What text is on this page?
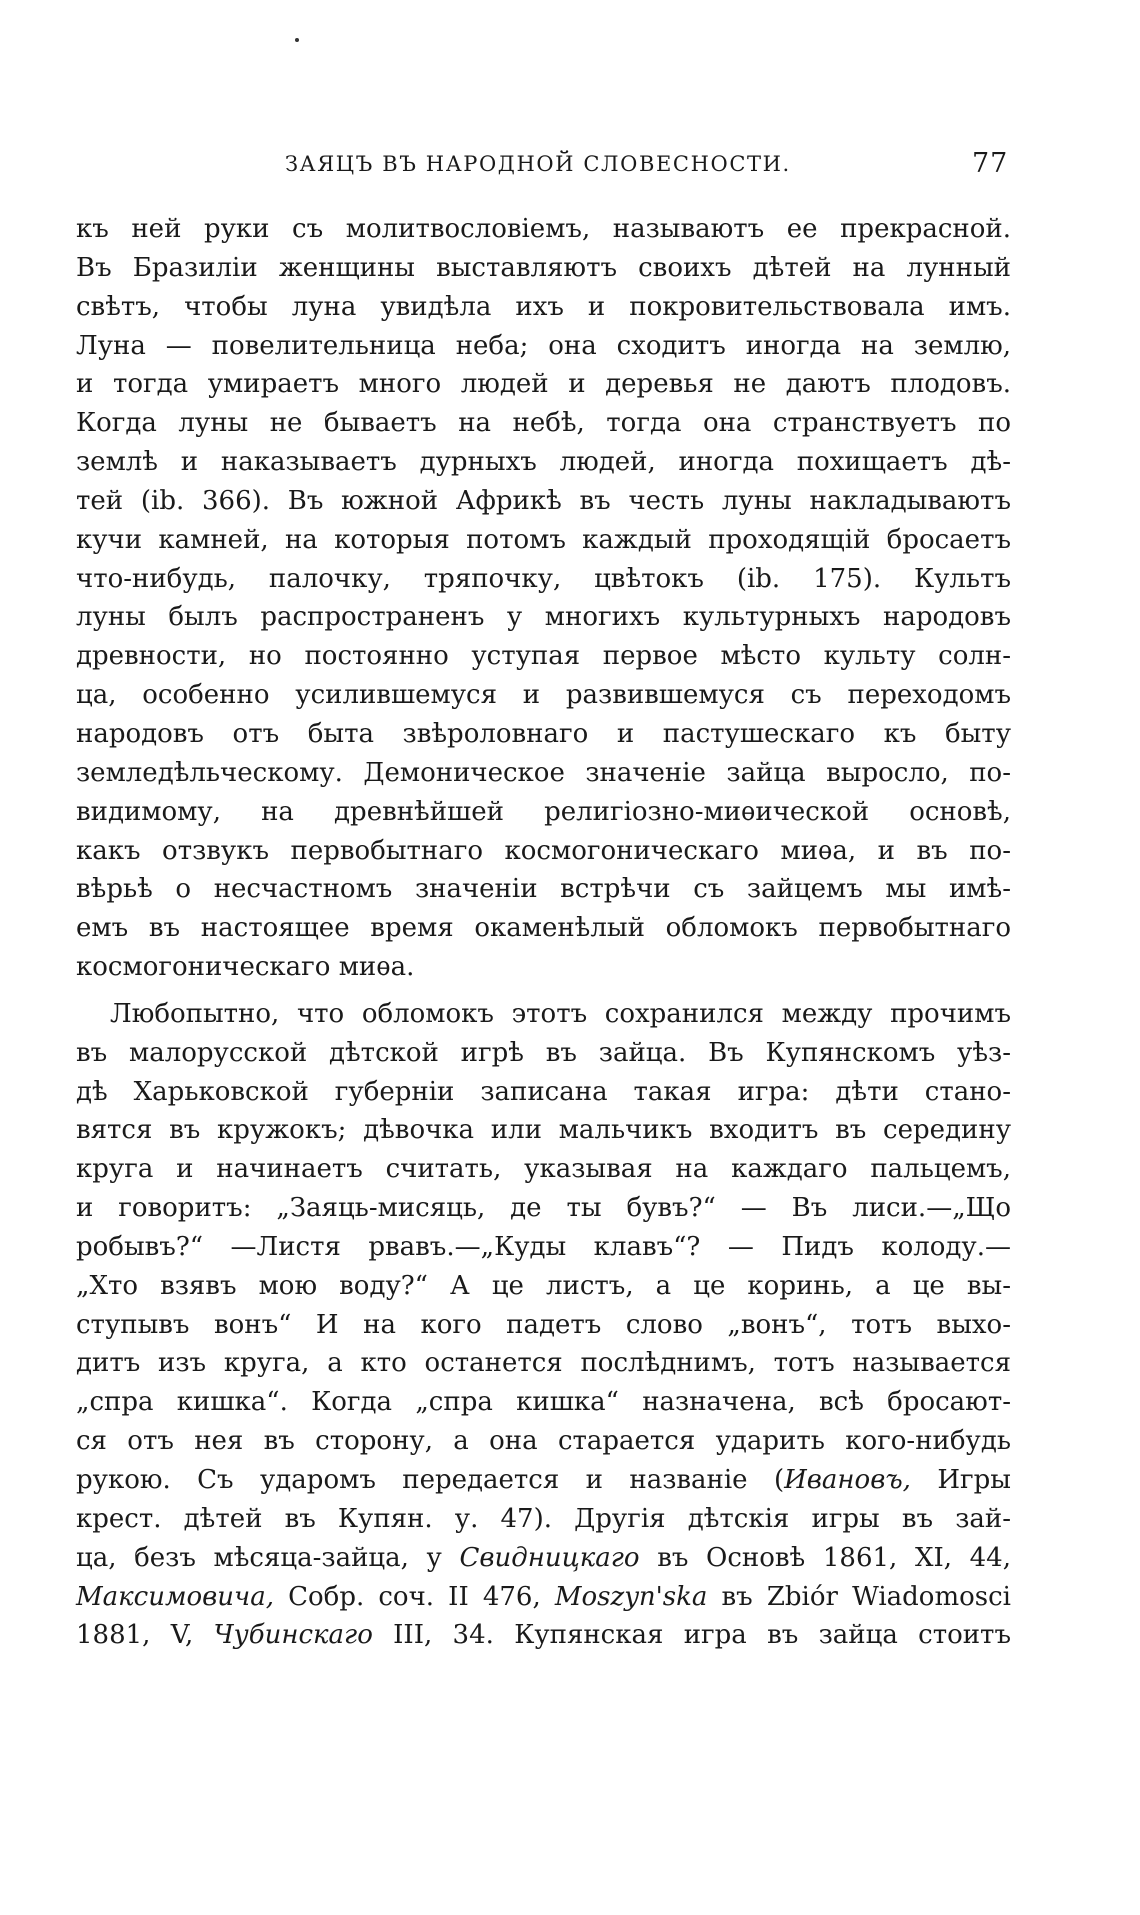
ЗАЯЦЪ ВЪ НАРОДНОЙ СЛОВЕСНОСТИ.	77
къ ней руки съ молитвословіемъ, называютъ ее прекрасной.
Въ Бразиліи женщины выставляютъ своихъ дѣтей на лунный
свѣтъ, чтобы луна увидѣла ихъ и покровительствовала имъ.
Луна — повелительница неба; она сходитъ иногда на землю,
и тогда умираетъ много людей и деревья не даютъ плодовъ.
Когда луны не бываетъ на небѣ, тогда она странствуетъ по
землѣ и наказываетъ дурныхъ людей, иногда похищаетъ дѣ-
тей (ib. 366). Въ южной Африкѣ въ честь луны накладываютъ
кучи камней, на которыя потомъ каждый проходящій бросаетъ
что-нибудь, палочку, тряпочку, цвѣтокъ (ib. 175). Культъ
луны былъ распространенъ у многихъ культурныхъ народовъ
древности, но постоянно уступая первое мѣсто культу солн-
ца, особенно усилившемуся и развившемуся съ переходомъ
народовъ отъ быта звѣроловнаго и пастушескаго къ быту
земледѣльческому. Демоническое значеніе зайца выросло, по-
видимому, на древнѣйшей религіозно-миѳической основѣ,
какъ отзвукъ первобытнаго космогоническаго миѳа, и въ по-
вѣрьѣ о несчастномъ значеніи встрѣчи съ зайцемъ мы имѣ-
емъ въ настоящее время окаменѣлый обломокъ первобытнаго
космогоническаго миѳа.
Любопытно, что обломокъ этотъ сохранился между прочимъ
въ малорусской дѣтской игрѣ въ зайца. Въ Купянскомъ уѣз-
дѣ Харьковской губерніи записана такая игра: дѣти стано-
вятся въ кружокъ; дѣвочка или мальчикъ входитъ въ середину
круга и начинаетъ считать, указывая на каждаго пальцемъ,
и говоритъ: „Заяць-мисяць, де ты бувъ?“ — Въ лиси.—„Що
робывъ?“ —Листя рвавъ.—„Куды клавъ“? — Пидъ колоду.—
„Хто взявъ мою воду?“ А це листъ, а це коринь, а це вы-
ступывъ вонъ“ И на кого падетъ слово „вонъ“, тотъ выхо-
дитъ изъ круга, а кто останется послѣднимъ, тотъ называется
„спра кишка“. Когда „спра кишка“ назначена, всѣ бросают-
ся отъ нея въ сторону, а она старается ударить кого-нибудь
рукою. Съ ударомъ передается и названіе (Ивановъ, Игры
крест. дѣтей въ Купян. у. 47). Другія дѣтскія игры въ зай-
ца, безъ мѣсяца-зайца, у Свидницкаго въ Основѣ 1861, XI, 44,
Максимовича, Собр. соч. II 476, Moszyn'ska въ Zbiór Wiadomosci
1881, V, Чубинскаго III, 34. Купянская игра въ зайца стоитъ
